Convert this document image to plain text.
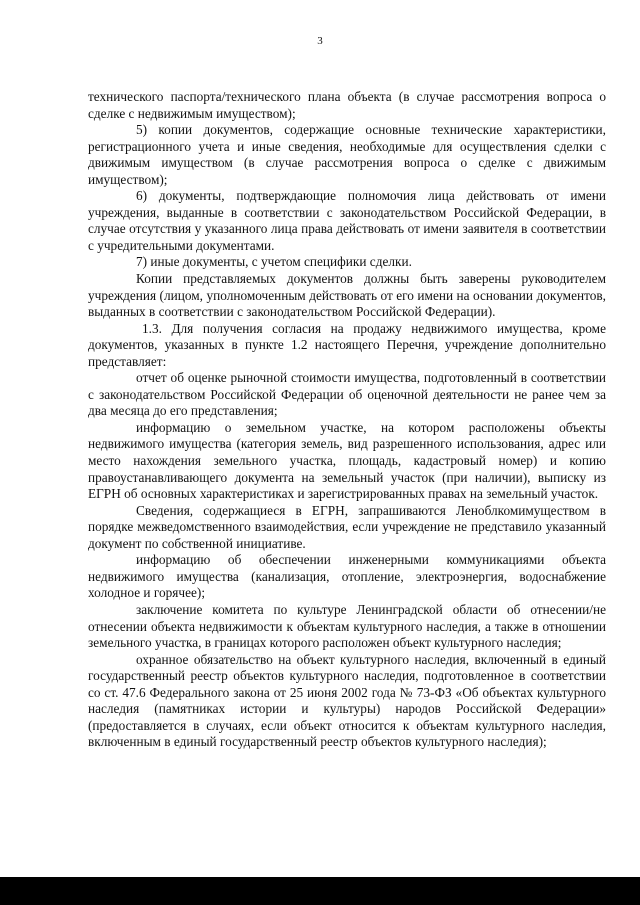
3

технического паспорта/технического плана объекта (в случае рассмотрения вопроса о сделке с недвижимым имуществом);

5) копии документов, содержащие основные технические характеристики, регистрационного учета и иные сведения, необходимые для осуществления сделки с движимым имуществом (в случае рассмотрения вопроса о сделке с движимым имуществом);

6) документы, подтверждающие полномочия лица действовать от имени учреждения, выданные в соответствии с законодательством Российской Федерации, в случае отсутствия у указанного лица права действовать от имени заявителя в соответствии с учредительными документами.

7) иные документы, с учетом специфики сделки.

Копии представляемых документов должны быть заверены руководителем учреждения (лицом, уполномоченным действовать от его имени на основании документов, выданных в соответствии с законодательством Российской Федерации).

1.3. Для получения согласия на продажу недвижимого имущества, кроме документов, указанных в пункте 1.2 настоящего Перечня, учреждение дополнительно представляет:

отчет об оценке рыночной стоимости имущества, подготовленный в соответствии с законодательством Российской Федерации об оценочной деятельности не ранее чем за два месяца до его представления;

информацию о земельном участке, на котором расположены объекты недвижимого имущества (категория земель, вид разрешенного использования, адрес или место нахождения земельного участка, площадь, кадастровый номер) и копию правоустанавливающего документа на земельный участок (при наличии), выписку из ЕГРН об основных характеристиках и зарегистрированных правах на земельный участок.

Сведения, содержащиеся в ЕГРН, запрашиваются Леноблкомимуществом в порядке межведомственного взаимодействия, если учреждение не представило указанный документ по собственной инициативе.

информацию об обеспечении инженерными коммуникациями объекта недвижимого имущества (канализация, отопление, электроэнергия, водоснабжение холодное и горячее);

заключение комитета по культуре Ленинградской области об отнесении/не отнесении объекта недвижимости к объектам культурного наследия, а также в отношении земельного участка, в границах которого расположен объект культурного наследия;

охранное обязательство на объект культурного наследия, включенный в единый государственный реестр объектов культурного наследия, подготовленное в соответствии со ст. 47.6 Федерального закона от 25 июня 2002 года № 73-ФЗ «Об объектах культурного наследия (памятниках истории и культуры) народов Российской Федерации» (предоставляется в случаях, если объект относится к объектам культурного наследия, включенным в единый государственный реестр объектов культурного наследия);
